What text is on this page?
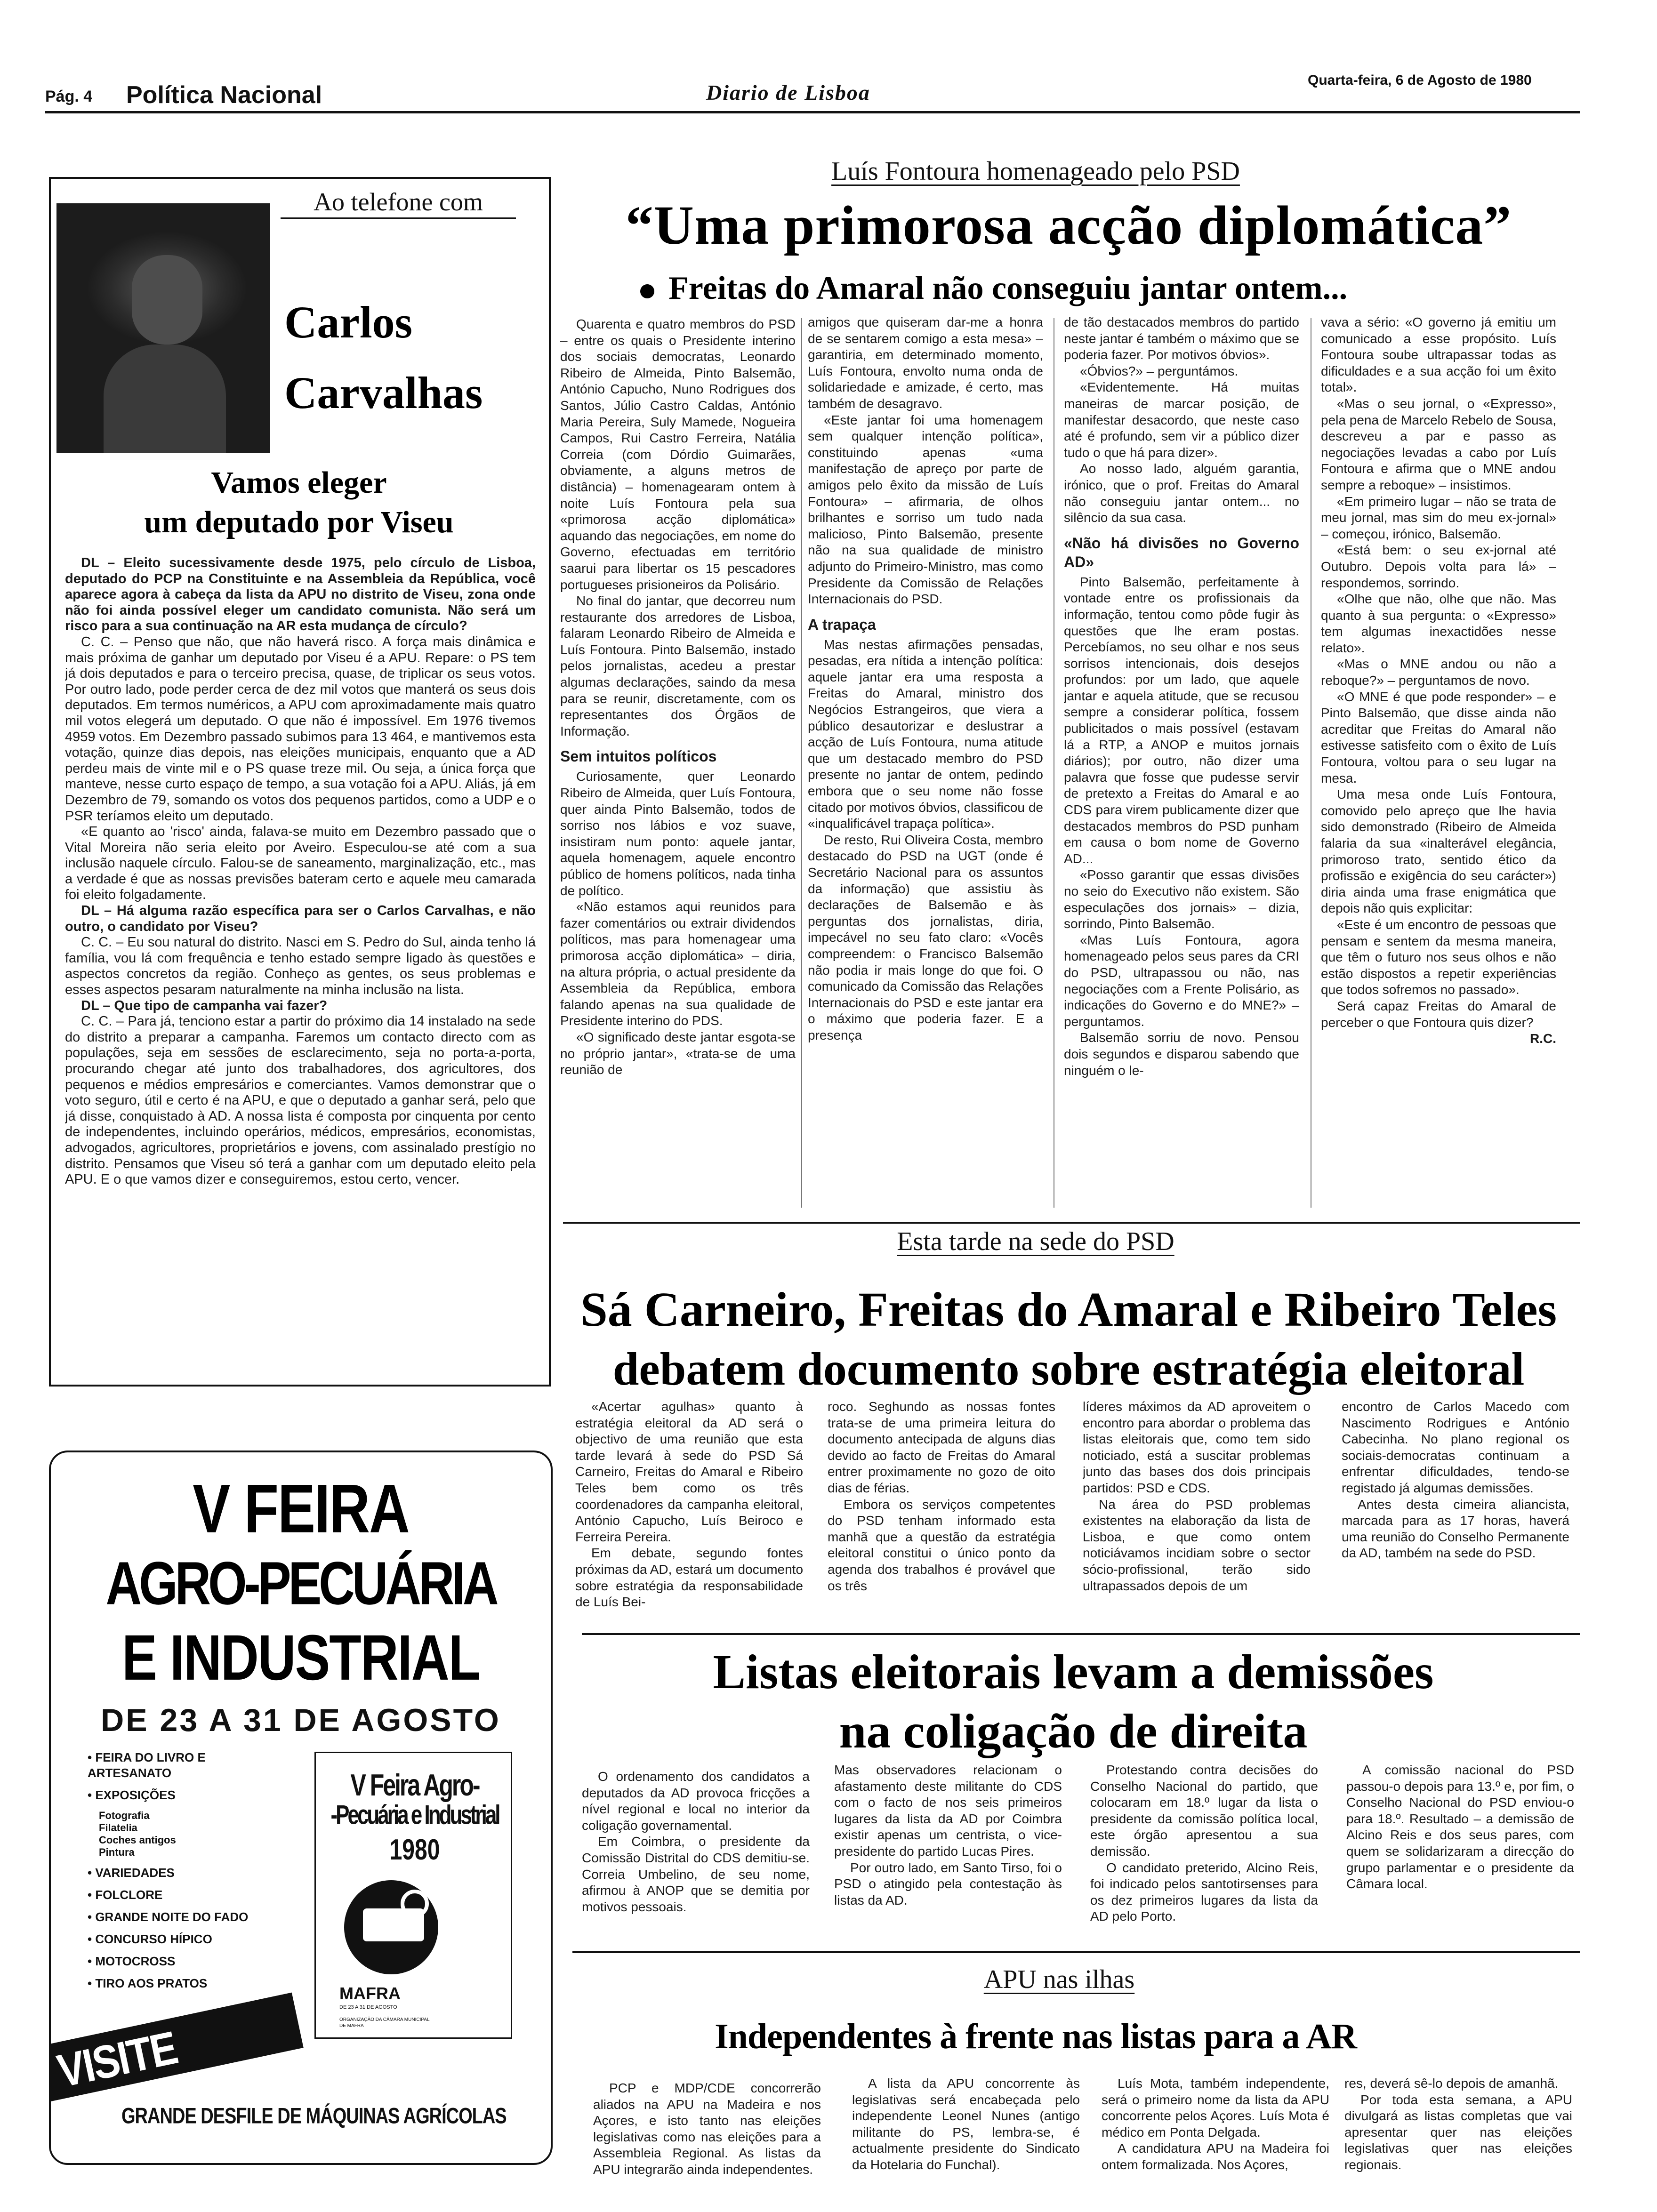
Pág. 4 Política Nacional	Diario de Lisboa
Quarta-feira, 6 de Agosto de 1980
Ao telefone com
Carlos
Carvalhas
Vamos eleger
um deputado por Viseu

DL – Eleito sucessivamente desde 1975, pelo círculo de Lisboa, deputado do PCP na Constituinte e na Assembleia da República, você aparece agora à cabeça da lista da APU no distrito de Viseu, zona onde não foi ainda possível eleger um candidato comunista. Não será um risco para a sua continuação na AR esta mudança de círculo?

C. C. – Penso que não, que não haverá risco. A força mais dinâmica e mais próxima de ganhar um deputado por Viseu é a APU. Repare: o PS tem já dois deputados e para o terceiro precisa, quase, de triplicar os seus votos. Por outro lado, pode perder cerca de dez mil votos que manterá os seus dois deputados. Em termos numéricos, a APU com aproximadamente mais quatro mil votos elegerá um deputado. O que não é impossível. Em 1976 tivemos 4959 votos. Em Dezembro passado subimos para 13 464, e mantivemos esta votação, quinze dias depois, nas eleições municipais, enquanto que a AD perdeu mais de vinte mil e o PS quase treze mil. Ou seja, a única força que manteve, nesse curto espaço de tempo, a sua votação foi a APU. Aliás, já em Dezembro de 79, somando os votos dos pequenos partidos, como a UDP e o PSR teríamos eleito um deputado.

«E quanto ao 'risco' ainda, falava-se muito em Dezembro passado que o Vital Moreira não seria eleito por Aveiro. Especulou-se até com a sua inclusão naquele círculo. Falou-se de saneamento, marginalização, etc., mas a verdade é que as nossas previsões bateram certo e aquele meu camarada foi eleito folgadamente.

DL – Há alguma razão específica para ser o Carlos Carvalhas, e não outro, o candidato por Viseu?

C. C. – Eu sou natural do distrito. Nasci em S. Pedro do Sul, ainda tenho lá família, vou lá com frequência e tenho estado sempre ligado às questões e aspectos concretos da região. Conheço as gentes, os seus problemas e esses aspectos pesaram naturalmente na minha inclusão na lista.

DL – Que tipo de campanha vai fazer?

C. C. – Para já, tenciono estar a partir do próximo dia 14 instalado na sede do distrito a preparar a campanha. Faremos um contacto directo com as populações, seja em sessões de esclarecimento, seja no porta-a-porta, procurando chegar até junto dos trabalhadores, dos agricultores, dos pequenos e médios empresários e comerciantes. Vamos demonstrar que o voto seguro, útil e certo é na APU, e que o deputado a ganhar será, pelo que já disse, conquistado à AD. A nossa lista é composta por cinquenta por cento de independentes, incluindo operários, médicos, empresários, economistas, advogados, agricultores, proprietários e jovens, com assinalado prestígio no distrito. Pensamos que Viseu só terá a ganhar com um deputado eleito pela APU. E o que vamos dizer e conseguiremos, estou certo, vencer.

V FEIRA
AGRO-PECUÁRIA
E INDUSTRIAL
DE 23 A 31 DE AGOSTO
• FEIRA DO LIVRO E ARTESANATO
• EXPOSIÇÕES
Fotografia
Filatelia
Coches antigos
Pintura
• VARIEDADES
• FOLCLORE
• GRANDE NOITE DO FADO
• CONCURSO HÍPICO
• MOTOCROSS
• TIRO AOS PRATOS
V Feira Agro-
-Pecuária e Industrial
1980
MAFRA
DE 23 A 31 DE AGOSTO
ORGANIZAÇÃO DA CÂMARA MUNICIPAL DE MAFRA
VISITE MAFRA
GRANDE DESFILE DE MÁQUINAS AGRÍCOLAS
Luís Fontoura homenageado pelo PSD
“Uma primorosa acção diplomática”
Freitas do Amaral não conseguiu jantar ontem...

Quarenta e quatro membros do PSD – entre os quais o Presidente interino dos sociais democratas, Leonardo Ribeiro de Almeida, Pinto Balsemão, António Capucho, Nuno Rodrigues dos Santos, Júlio Castro Caldas, António Maria Pereira, Suly Mamede, Nogueira Campos, Rui Castro Ferreira, Natália Correia (com Dórdio Guimarães, obviamente, a alguns metros de distância) – homenagearam ontem à noite Luís Fontoura pela sua «primorosa acção diplomática» aquando das negociações, em nome do Governo, efectuadas em território saarui para libertar os 15 pescadores portugueses prisioneiros da Polisário.

No final do jantar, que decorreu num restaurante dos arredores de Lisboa, falaram Leonardo Ribeiro de Almeida e Luís Fontoura. Pinto Balsemão, instado pelos jornalistas, acedeu a prestar algumas declarações, saindo da mesa para se reunir, discretamente, com os representantes dos Órgãos de Informação.

Sem intuitos políticos

Curiosamente, quer Leonardo Ribeiro de Almeida, quer Luís Fontoura, quer ainda Pinto Balsemão, todos de sorriso nos lábios e voz suave, insistiram num ponto: aquele jantar, aquela homenagem, aquele encontro público de homens políticos, nada tinha de político.

«Não estamos aqui reunidos para fazer comentários ou extrair dividendos políticos, mas para homenagear uma primorosa acção diplomática» – diria, na altura própria, o actual presidente da Assembleia da República, embora falando apenas na sua qualidade de Presidente interino do PDS.

«O significado deste jantar esgota-se no próprio jantar», «trata-se de uma reunião de

amigos que quiseram dar-me a honra de se sentarem comigo a esta mesa» – garantiria, em determinado momento, Luís Fontoura, envolto numa onda de solidariedade e amizade, é certo, mas também de desagravo.

«Este jantar foi uma homenagem sem qualquer intenção política», constituindo apenas «uma manifestação de apreço por parte de amigos pelo êxito da missão de Luís Fontoura» – afirmaria, de olhos brilhantes e sorriso um tudo nada malicioso, Pinto Balsemão, presente não na sua qualidade de ministro adjunto do Primeiro-Ministro, mas como Presidente da Comissão de Relações Internacionais do PSD.

A trapaça

Mas nestas afirmações pensadas, pesadas, era nítida a intenção política: aquele jantar era uma resposta a Freitas do Amaral, ministro dos Negócios Estrangeiros, que viera a público desautorizar e deslustrar a acção de Luís Fontoura, numa atitude que um destacado membro do PSD presente no jantar de ontem, pedindo embora que o seu nome não fosse citado por motivos óbvios, classificou de «inqualificável trapaça política».

De resto, Rui Oliveira Costa, membro destacado do PSD na UGT (onde é Secretário Nacional para os assuntos da informação) que assistiu às declarações de Balsemão e às perguntas dos jornalistas, diria, impecável no seu fato claro: «Vocês compreendem: o Francisco Balsemão não podia ir mais longe do que foi. O comunicado da Comissão das Relações Internacionais do PSD e este jantar era o máximo que poderia fazer. E a presença

de tão destacados membros do partido neste jantar é também o máximo que se poderia fazer. Por motivos óbvios».

«Óbvios?» – perguntámos.

«Evidentemente. Há muitas maneiras de marcar posição, de manifestar desacordo, que neste caso até é profundo, sem vir a público dizer tudo o que há para dizer».

Ao nosso lado, alguém garantia, irónico, que o prof. Freitas do Amaral não conseguiu jantar ontem... no silêncio da sua casa.

«Não há divisões no Governo AD»

Pinto Balsemão, perfeitamente à vontade entre os profissionais da informação, tentou como pôde fugir às questões que lhe eram postas. Percebíamos, no seu olhar e nos seus sorrisos intencionais, dois desejos profundos: por um lado, que aquele jantar e aquela atitude, que se recusou sempre a considerar política, fossem publicitados o mais possível (estavam lá a RTP, a ANOP e muitos jornais diários); por outro, não dizer uma palavra que fosse que pudesse servir de pretexto a Freitas do Amaral e ao CDS para virem publicamente dizer que destacados membros do PSD punham em causa o bom nome de Governo AD...

«Posso garantir que essas divisões no seio do Executivo não existem. São especulações dos jornais» – dizia, sorrindo, Pinto Balsemão.

«Mas Luís Fontoura, agora homenageado pelos seus pares da CRI do PSD, ultrapassou ou não, nas negociações com a Frente Polisário, as indicações do Governo e do MNE?» – perguntamos.

Balsemão sorriu de novo. Pensou dois segundos e disparou sabendo que ninguém o le-

vava a sério: «O governo já emitiu um comunicado a esse propósito. Luís Fontoura soube ultrapassar todas as dificuldades e a sua acção foi um êxito total».

«Mas o seu jornal, o «Expresso», pela pena de Marcelo Rebelo de Sousa, descreveu a par e passo as negociações levadas a cabo por Luís Fontoura e afirma que o MNE andou sempre a reboque» – insistimos.

«Em primeiro lugar – não se trata de meu jornal, mas sim do meu ex-jornal» – começou, irónico, Balsemão.

«Está bem: o seu ex-jornal até Outubro. Depois volta para lá» – respondemos, sorrindo.

«Olhe que não, olhe que não. Mas quanto à sua pergunta: o «Expresso» tem algumas inexactidões nesse relato».

«Mas o MNE andou ou não a reboque?» – perguntamos de novo.

«O MNE é que pode responder» – e Pinto Balsemão, que disse ainda não acreditar que Freitas do Amaral não estivesse satisfeito com o êxito de Luís Fontoura, voltou para o seu lugar na mesa.

Uma mesa onde Luís Fontoura, comovido pelo apreço que lhe havia sido demonstrado (Ribeiro de Almeida falaria da sua «inalterável elegância, primoroso trato, sentido ético da profissão e exigência do seu carácter») diria ainda uma frase enigmática que depois não quis explicitar:

«Este é um encontro de pessoas que pensam e sentem da mesma maneira, que têm o futuro nos seus olhos e não estão dispostos a repetir experiências que todos sofremos no passado».

Será capaz Freitas do Amaral de perceber o que Fontoura quis dizer?

R.C.

Esta tarde na sede do PSD
Sá Carneiro, Freitas do Amaral e Ribeiro Teles
debatem documento sobre estratégia eleitoral

«Acertar agulhas» quanto à estratégia eleitoral da AD será o objectivo de uma reunião que esta tarde levará à sede do PSD Sá Carneiro, Freitas do Amaral e Ribeiro Teles bem como os três coordenadores da campanha eleitoral, António Capucho, Luís Beiroco e Ferreira Pereira.

Em debate, segundo fontes próximas da AD, estará um documento sobre estratégia da responsabilidade de Luís Bei-

roco. Seghundo as nossas fontes trata-se de uma primeira leitura do documento antecipada de alguns dias devido ao facto de Freitas do Amaral entrer proximamente no gozo de oito dias de férias.

Embora os serviços competentes do PSD tenham informado esta manhã que a questão da estratégia eleitoral constitui o único ponto da agenda dos trabalhos é provável que os três

líderes máximos da AD aproveitem o encontro para abordar o problema das listas eleitorais que, como tem sido noticiado, está a suscitar problemas junto das bases dos dois principais partidos: PSD e CDS.

Na área do PSD problemas existentes na elaboração da lista de Lisboa, e que como ontem noticiávamos incidiam sobre o sector sócio-profissional, terão sido ultrapassados depois de um

encontro de Carlos Macedo com Nascimento Rodrigues e António Cabecinha. No plano regional os sociais-democratas continuam a enfrentar dificuldades, tendo-se registado já algumas demissões.

Antes desta cimeira aliancista, marcada para as 17 horas, haverá uma reunião do Conselho Permanente da AD, também na sede do PSD.

Listas eleitorais levam a demissões
na coligação de direita

O ordenamento dos candidatos a deputados da AD provoca fricções a nível regional e local no interior da coligação governamental.

Em Coimbra, o presidente da Comissão Distrital do CDS demitiu-se. Correia Umbelino, de seu nome, afirmou à ANOP que se demitia por motivos pessoais.

Mas observadores relacionam o afastamento deste militante do CDS com o facto de nos seis primeiros lugares da lista da AD por Coimbra existir apenas um centrista, o vice-presidente do partido Lucas Pires.

Por outro lado, em Santo Tirso, foi o PSD o atingido pela contestação às listas da AD.

Protestando contra decisões do Conselho Nacional do partido, que colocaram em 18.º lugar da lista o presidente da comissão política local, este órgão apresentou a sua demissão.

O candidato preterido, Alcino Reis, foi indicado pelos santotirsenses para os dez primeiros lugares da lista da AD pelo Porto.

A comissão nacional do PSD passou-o depois para 13.º e, por fim, o Conselho Nacional do PSD enviou-o para 18.º. Resultado – a demissão de Alcino Reis e dos seus pares, com quem se solidarizaram a direcção do grupo parlamentar e o presidente da Câmara local.

APU nas ilhas
Independentes à frente nas listas para a AR

PCP e MDP/CDE concorrerão aliados na APU na Madeira e nos Açores, e isto tanto nas eleições legislativas como nas eleições para a Assembleia Regional. As listas da APU integrarão ainda independentes.

A lista da APU concorrente às legislativas será encabeçada pelo independente Leonel Nunes (antigo militante do PS, lembra-se, é actualmente presidente do Sindicato da Hotelaria do Funchal).

Luís Mota, também independente, será o primeiro nome da lista da APU concorrente pelos Açores. Luís Mota é médico em Ponta Delgada.

A candidatura APU na Madeira foi ontem formalizada. Nos Açores,

res, deverá sê-lo depois de amanhã.

Por toda esta semana, a APU divulgará as listas completas que vai apresentar quer nas eleições legislativas quer nas eleições regionais.
